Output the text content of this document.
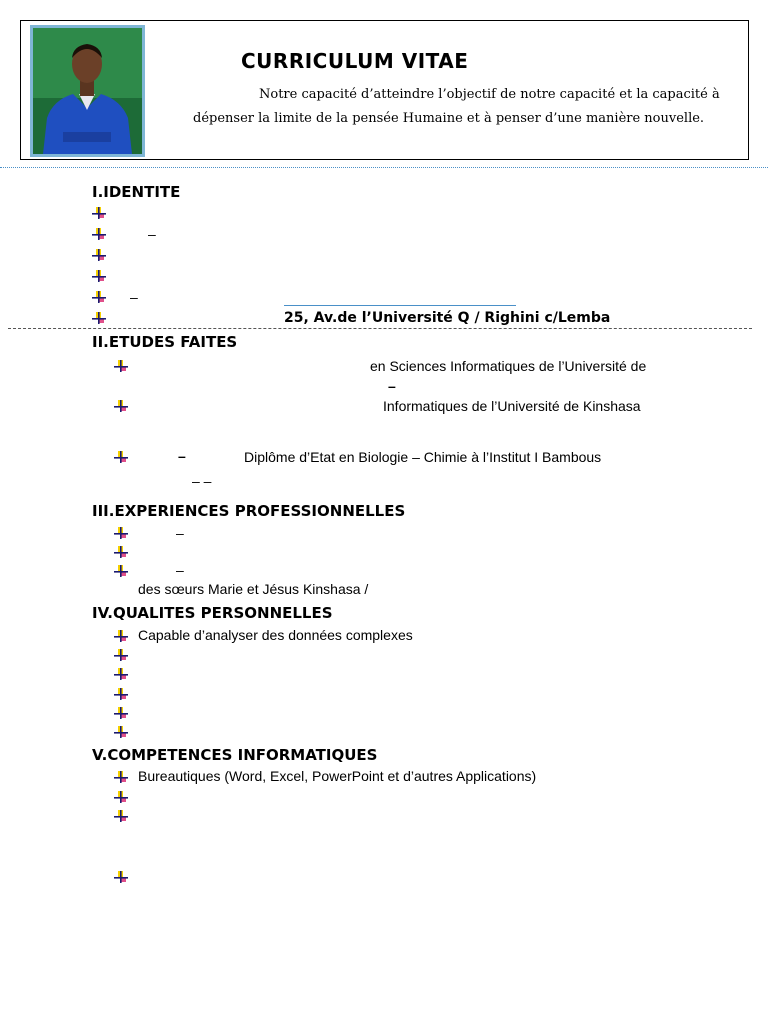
CURRICULUM VITAE
Notre capacité d’atteindre l’objectif de notre capacité et la capacité à
dépenser la limite de la pensée Humaine et à penser d’une manière nouvelle.
I.IDENTITE
–
–
25, Av.de l’Université Q / Righini c/Lemba
II.ETUDES FAITES
en Sciences Informatiques de l’Université de
–
Informatiques de l’Université de Kinshasa
–	Diplôme d’Etat en Biologie – Chimie à l’Institut I Bambous
– –
III.EXPERIENCES PROFESSIONNELLES
–
–
des sœurs Marie et Jésus Kinshasa /
IV.QUALITES PERSONNELLES
Capable d’analyser des données complexes
V.COMPETENCES INFORMATIQUES
Bureautiques (Word, Excel, PowerPoint et d’autres Applications)
